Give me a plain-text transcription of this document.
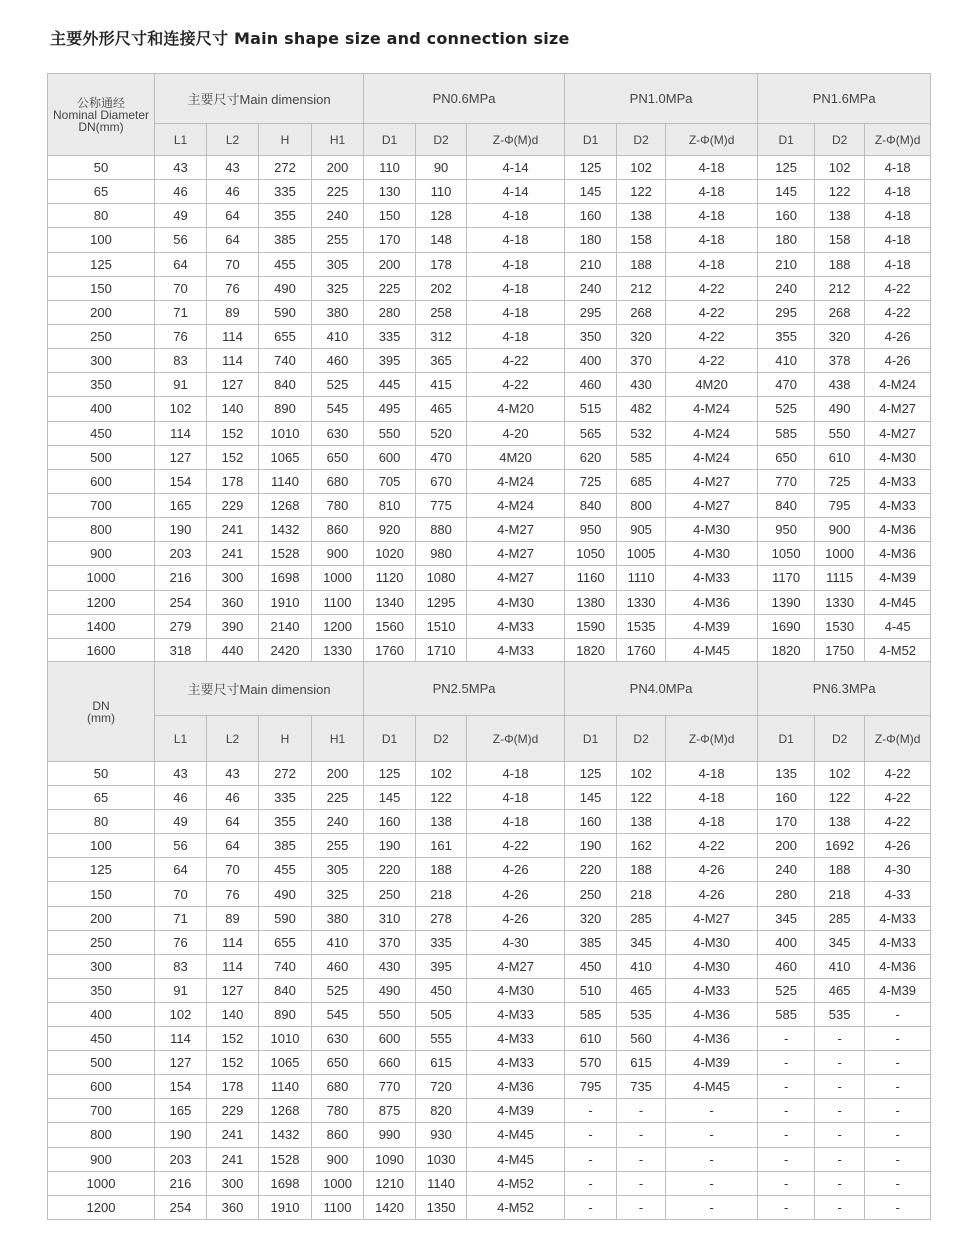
主要外形尺寸和连接尺寸 Main shape size and connection size
公称通经
Nominal Diameter
DN(mm)	主要尺寸Main dimension				PN0.6MPa			PN1.0MPa			PN1.6MPa		
	L1	L2	H	H1	D1	D2	Z-Φ(M)d	D1	D2	Z-Φ(M)d	D1	D2	Z-Φ(M)d
50	43	43	272	200	110	90	4-14	125	102	4-18	125	102	4-18
65	46	46	335	225	130	110	4-14	145	122	4-18	145	122	4-18
80	49	64	355	240	150	128	4-18	160	138	4-18	160	138	4-18
100	56	64	385	255	170	148	4-18	180	158	4-18	180	158	4-18
125	64	70	455	305	200	178	4-18	210	188	4-18	210	188	4-18
150	70	76	490	325	225	202	4-18	240	212	4-22	240	212	4-22
200	71	89	590	380	280	258	4-18	295	268	4-22	295	268	4-22
250	76	114	655	410	335	312	4-18	350	320	4-22	355	320	4-26
300	83	114	740	460	395	365	4-22	400	370	4-22	410	378	4-26
350	91	127	840	525	445	415	4-22	460	430	4M20	470	438	4-M24
400	102	140	890	545	495	465	4-M20	515	482	4-M24	525	490	4-M27
450	114	152	1010	630	550	520	4-20	565	532	4-M24	585	550	4-M27
500	127	152	1065	650	600	470	4M20	620	585	4-M24	650	610	4-M30
600	154	178	1140	680	705	670	4-M24	725	685	4-M27	770	725	4-M33
700	165	229	1268	780	810	775	4-M24	840	800	4-M27	840	795	4-M33
800	190	241	1432	860	920	880	4-M27	950	905	4-M30	950	900	4-M36
900	203	241	1528	900	1020	980	4-M27	1050	1005	4-M30	1050	1000	4-M36
1000	216	300	1698	1000	1120	1080	4-M27	1160	1110	4-M33	1170	1115	4-M39
1200	254	360	1910	1100	1340	1295	4-M30	1380	1330	4-M36	1390	1330	4-M45
1400	279	390	2140	1200	1560	1510	4-M33	1590	1535	4-M39	1690	1530	4-45
1600	318	440	2420	1330	1760	1710	4-M33	1820	1760	4-M45	1820	1750	4-M52
DN
(mm)	主要尺寸Main dimension				PN2.5MPa			PN4.0MPa			PN6.3MPa		
	L1	L2	H	H1	D1	D2	Z-Φ(M)d	D1	D2	Z-Φ(M)d	D1	D2	Z-Φ(M)d
50	43	43	272	200	125	102	4-18	125	102	4-18	135	102	4-22
65	46	46	335	225	145	122	4-18	145	122	4-18	160	122	4-22
80	49	64	355	240	160	138	4-18	160	138	4-18	170	138	4-22
100	56	64	385	255	190	161	4-22	190	162	4-22	200	1692	4-26
125	64	70	455	305	220	188	4-26	220	188	4-26	240	188	4-30
150	70	76	490	325	250	218	4-26	250	218	4-26	280	218	4-33
200	71	89	590	380	310	278	4-26	320	285	4-M27	345	285	4-M33
250	76	114	655	410	370	335	4-30	385	345	4-M30	400	345	4-M33
300	83	114	740	460	430	395	4-M27	450	410	4-M30	460	410	4-M36
350	91	127	840	525	490	450	4-M30	510	465	4-M33	525	465	4-M39
400	102	140	890	545	550	505	4-M33	585	535	4-M36	585	535	-
450	114	152	1010	630	600	555	4-M33	610	560	4-M36	-	-	-
500	127	152	1065	650	660	615	4-M33	570	615	4-M39	-	-	-
600	154	178	1140	680	770	720	4-M36	795	735	4-M45	-	-	-
700	165	229	1268	780	875	820	4-M39	-	-	-	-	-	-
800	190	241	1432	860	990	930	4-M45	-	-	-	-	-	-
900	203	241	1528	900	1090	1030	4-M45	-	-	-	-	-	-
1000	216	300	1698	1000	1210	1140	4-M52	-	-	-	-	-	-
1200	254	360	1910	1100	1420	1350	4-M52	-	-	-	-	-	-
